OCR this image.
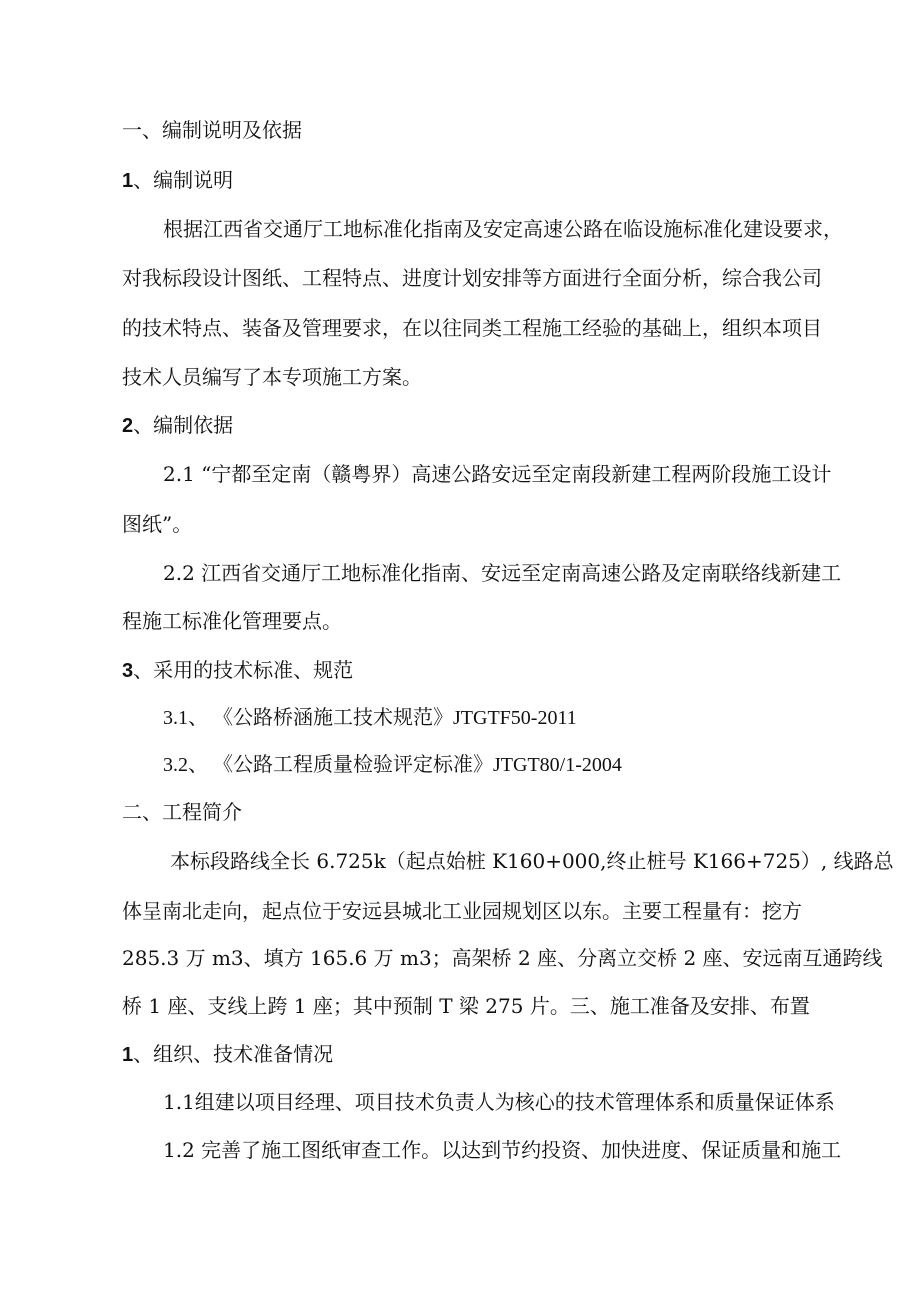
一、编制说明及依据
1、编制说明
根据江西省交通厅工地标准化指南及安定高速公路在临设施标准化建设要求，
对我标段设计图纸、工程特点、进度计划安排等方面进行全面分析，综合我公司
的技术特点、装备及管理要求，在以往同类工程施工经验的基础上，组织本项目
技术人员编写了本专项施工方案。
2、编制依据
2.1 “宁都至定南（赣粤界）高速公路安远至定南段新建工程两阶段施工设计
图纸”。
2.2 江西省交通厅工地标准化指南、安远至定南高速公路及定南联络线新建工
程施工标准化管理要点。
3、采用的技术标准、规范
3.1、 《公路桥涵施工技术规范》JTGTF50-2011
3.2、 《公路工程质量检验评定标准》JTGT80/1-2004
二、工程简介
本标段路线全长 6.725k（起点始桩 K160+000,终止桩号 K166+725）, 线路总
体呈南北走向，起点位于安远县城北工业园规划区以东。主要工程量有：挖方
285.3 万 m3、填方 165.6 万 m3；高架桥 2 座、分离立交桥 2 座、安远南互通跨线
桥 1 座、支线上跨 1 座；其中预制 T 梁 275 片。三、施工准备及安排、布置
1、组织、技术准备情况
1.1组建以项目经理、项目技术负责人为核心的技术管理体系和质量保证体系
1.2 完善了施工图纸审查工作。以达到节约投资、加快进度、保证质量和施工
